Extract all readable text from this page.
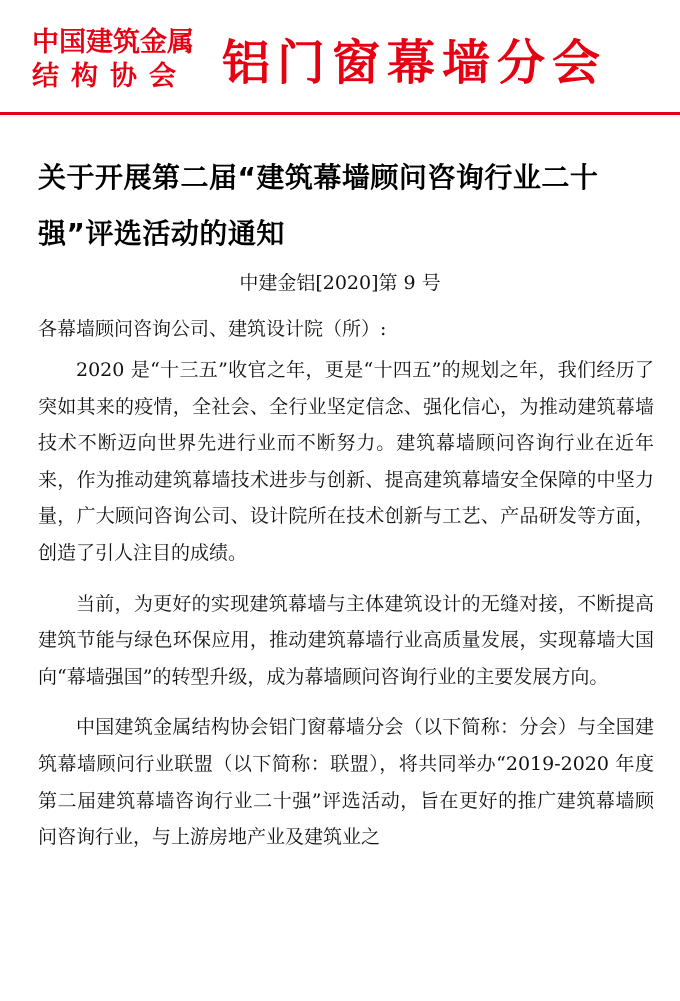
中国建筑金属
结构协会 铝门窗幕墙分会
关于开展第二届“建筑幕墙顾问咨询行业二十强”评选活动的通知
中建金铝[2020]第 9 号
各幕墙顾问咨询公司、建筑设计院（所）:

2020 是“十三五”收官之年，更是“十四五”的规划之年，我们经历了突如其来的疫情，全社会、全行业坚定信念、强化信心，为推动建筑幕墙技术不断迈向世界先进行业而不断努力。建筑幕墙顾问咨询行业在近年来，作为推动建筑幕墙技术进步与创新、提高建筑幕墙安全保障的中坚力量，广大顾问咨询公司、设计院所在技术创新与工艺、产品研发等方面，创造了引人注目的成绩。

当前，为更好的实现建筑幕墙与主体建筑设计的无缝对接，不断提高建筑节能与绿色环保应用，推动建筑幕墙行业高质量发展，实现幕墙大国向“幕墙强国”的转型升级，成为幕墙顾问咨询行业的主要发展方向。

中国建筑金属结构协会铝门窗幕墙分会（以下简称：分会）与全国建筑幕墙顾问行业联盟（以下简称：联盟），将共同举办“2019-2020 年度第二届建筑幕墙咨询行业二十强”评选活动，旨在更好的推广建筑幕墙顾问咨询行业，与上游房地产业及建筑业之
